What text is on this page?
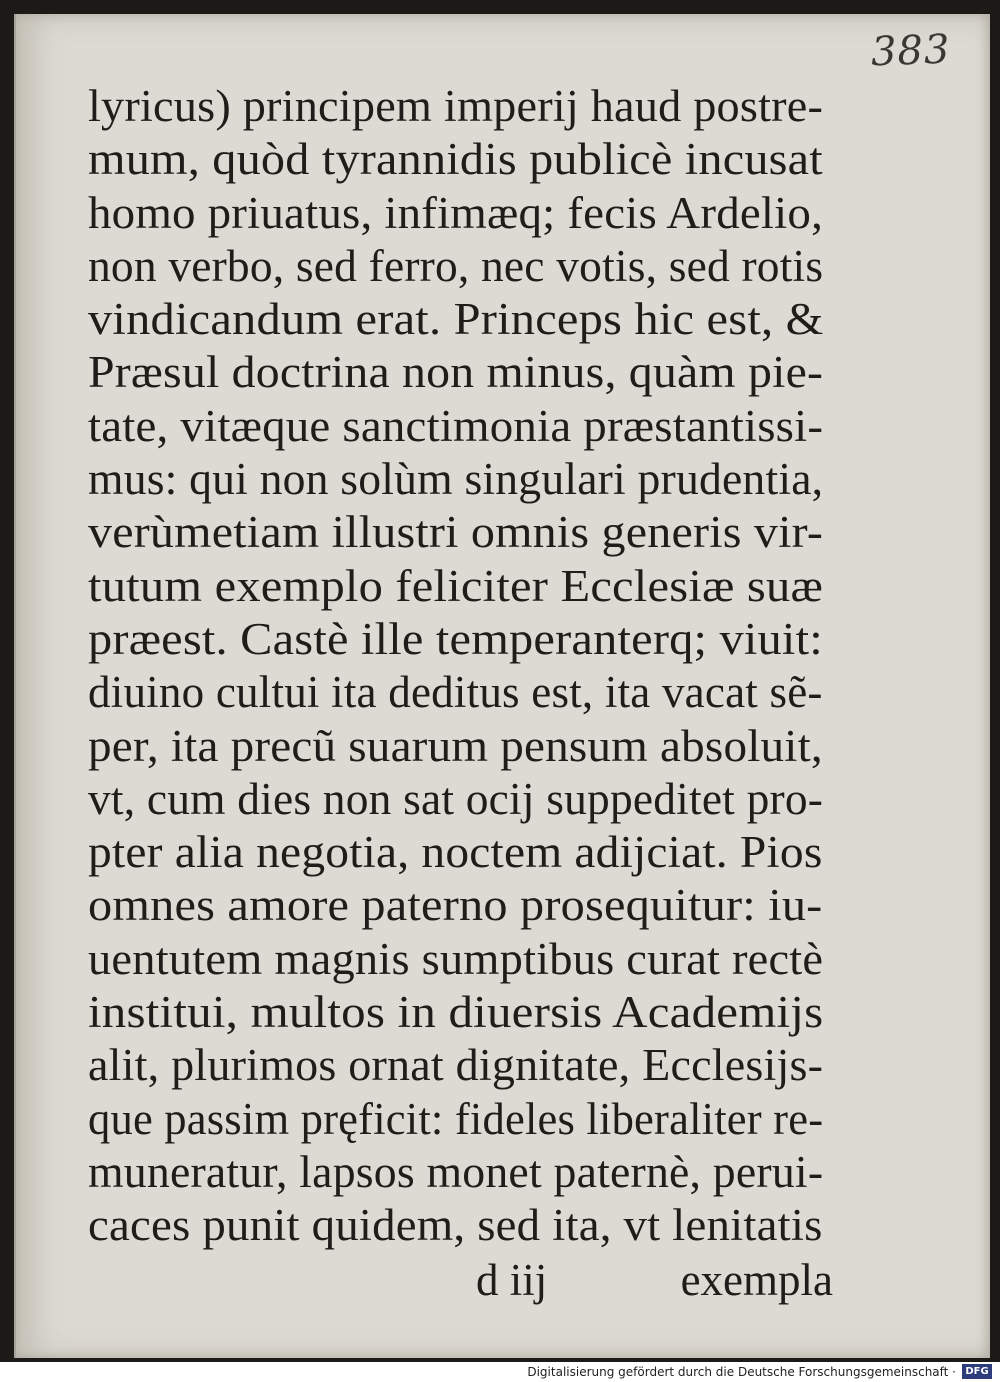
383
lyricus) principem imperij haud postre-
mum, quòd tyrannidis publicè incusat
homo priuatus, infimæq; fecis Ardelio,
non verbo, sed ferro, nec votis, sed rotis
vindicandum erat. Princeps hic est, &
Præsul doctrina non minus, quàm pie-
tate, vitæque sanctimonia præstantissi-
mus: qui non solùm singulari prudentia,
verùmetiam illustri omnis generis vir-
tutum exemplo feliciter Ecclesiæ suæ
præest. Castè ille temperanterq; viuit:
diuino cultui ita deditus est, ita vacat sẽ-
per, ita precũ suarum pensum absoluit,
vt, cum dies non sat ocij suppeditet pro-
pter alia negotia, noctem adijciat. Pios
omnes amore paterno prosequitur: iu-
uentutem magnis sumptibus curat rectè
institui, multos in diuersis Academijs
alit, plurimos ornat dignitate, Ecclesijs-
que passim pręficit: fideles liberaliter re-
muneratur, lapsos monet paternè, perui-
caces punit quidem, sed ita, vt lenitatis
d iij	exempla
Digitalisierung gefördert durch die Deutsche Forschungsgemeinschaft · DFG
